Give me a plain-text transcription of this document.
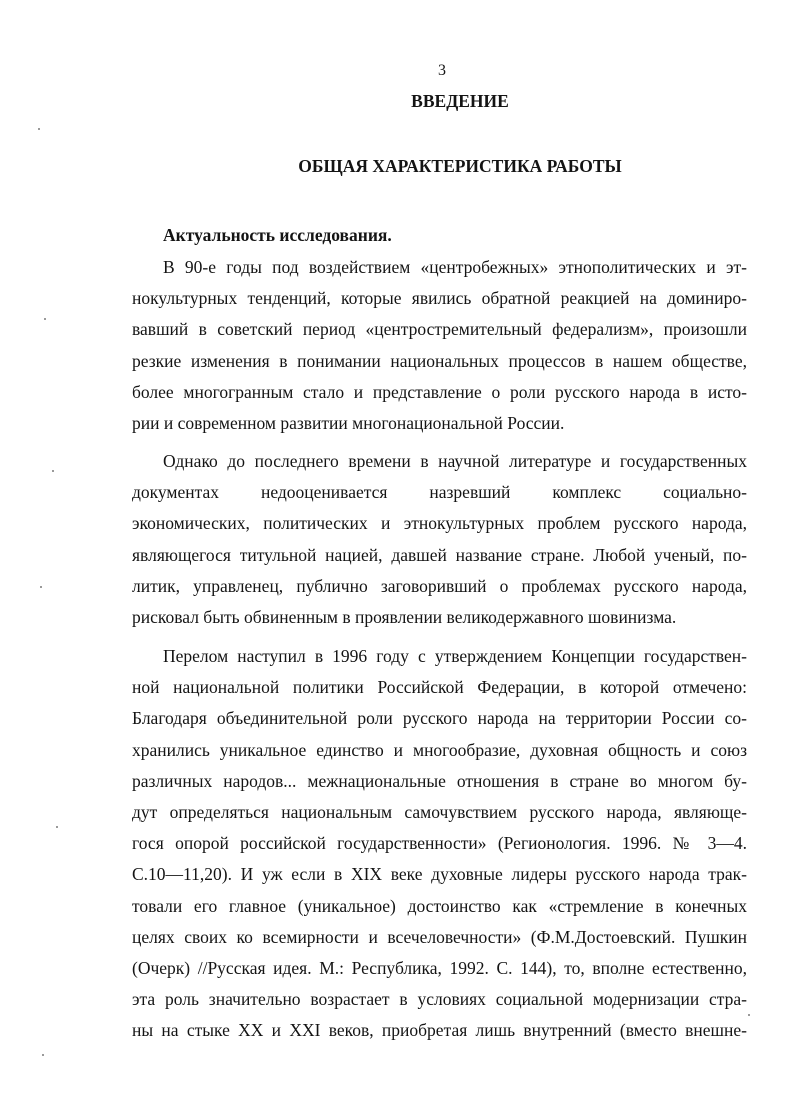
3
ВВЕДЕНИЕ
ОБЩАЯ ХАРАКТЕРИСТИКА РАБОТЫ
Актуальность исследования.
В 90-е годы под воздействием «центробежных» этнополитических и эт-
нокультурных тенденций, которые явились обратной реакцией на доминиро-
вавший в советский период «центростремительный федерализм», произошли
резкие изменения в понимании национальных процессов в нашем обществе,
более многогранным стало и представление о роли русского народа в исто-
рии и современном развитии многонациональной России.
Однако до последнего времени в научной литературе и государственных
документах недооценивается назревший комплекс социально-
экономических, политических и этнокультурных проблем русского народа,
являющегося титульной нацией, давшей название стране. Любой ученый, по-
литик, управленец, публично заговоривший о проблемах русского народа,
рисковал быть обвиненным в проявлении великодержавного шовинизма.
Перелом наступил в 1996 году с утверждением Концепции государствен-
ной национальной политики Российской Федерации, в которой отмечено:
Благодаря объединительной роли русского народа на территории России со-
хранились уникальное единство и многообразие, духовная общность и союз
различных народов... межнациональные отношения в стране во многом бу-
дут определяться национальным самочувствием русского народа, являюще-
гося опорой российской государственности» (Регионология. 1996. № 3—4.
С.10—11,20). И уж если в XIX веке духовные лидеры русского народа трак-
товали его главное (уникальное) достоинство как «стремление в конечных
целях своих ко всемирности и всечеловечности» (Ф.М.Достоевский. Пушкин
(Очерк) //Русская идея. М.: Республика, 1992. С. 144), то, вполне естественно,
эта роль значительно возрастает в условиях социальной модернизации стра-
ны на стыке XX и XXI веков, приобретая лишь внутренний (вместо внешне-
